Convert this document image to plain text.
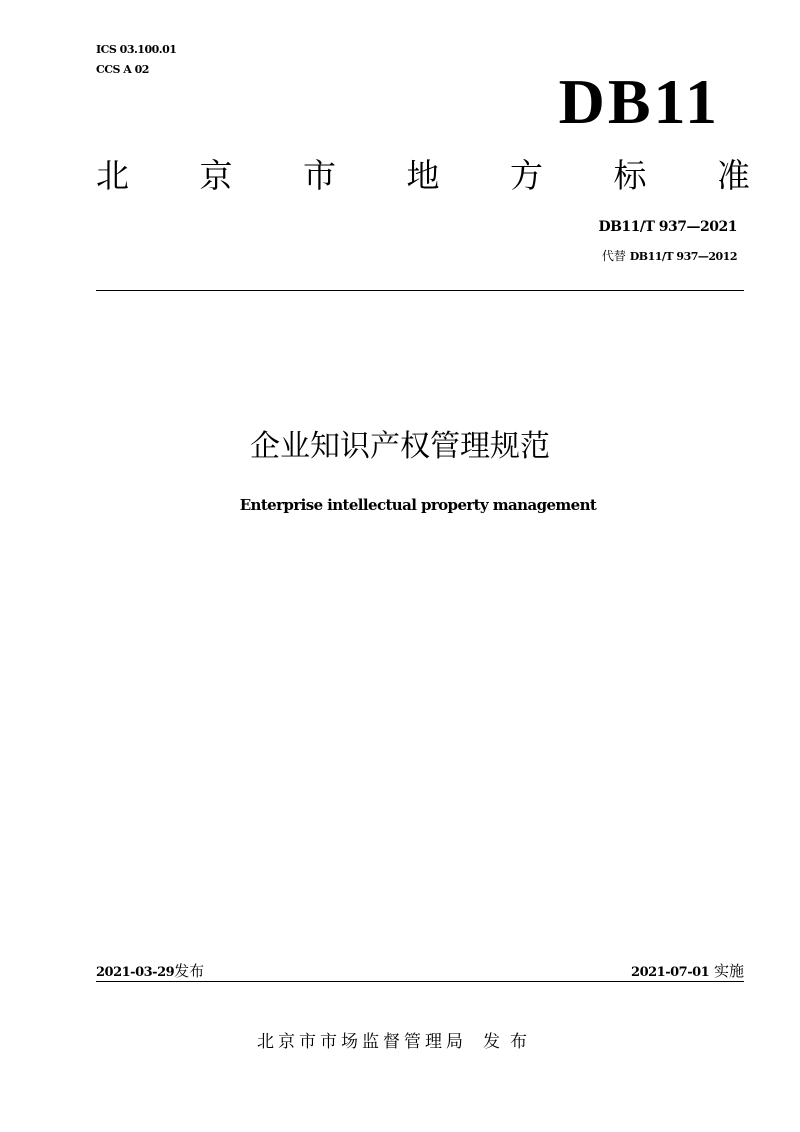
ICS 03.100.01
CCS A 02	DB11
北 京 市 地 方 标 准
DB11/T 937—2021
代替 DB11/T 937—2012
企业知识产权管理规范
Enterprise intellectual property management
2021-03-29发布	2021-07-01 实施
北京市市场监督管理局 发布
